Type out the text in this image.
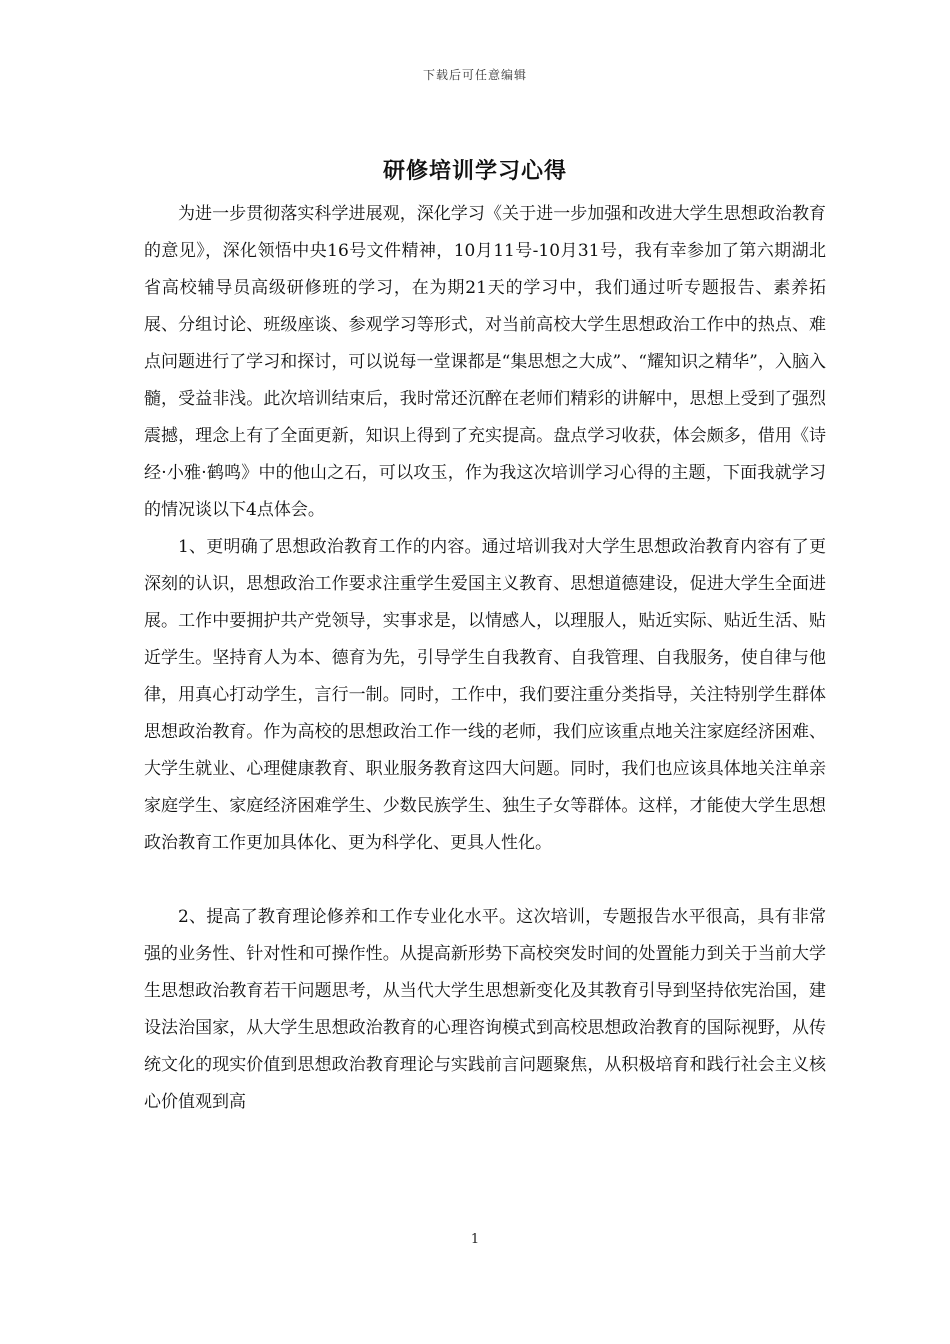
下载后可任意编辑
研修培训学习心得

为进一步贯彻落实科学进展观，深化学习《关于进一步加强和改进大学生思想政治教育的意见》，深化领悟中央16号文件精神，10月11号-10月31号，我有幸参加了第六期湖北省高校辅导员高级研修班的学习，在为期21天的学习中，我们通过听专题报告、素养拓展、分组讨论、班级座谈、参观学习等形式，对当前高校大学生思想政治工作中的热点、难点问题进行了学习和探讨，可以说每一堂课都是“集思想之大成”、“耀知识之精华”，入脑入髓，受益非浅。此次培训结束后，我时常还沉醉在老师们精彩的讲解中，思想上受到了强烈震撼，理念上有了全面更新，知识上得到了充实提高。盘点学习收获，体会颇多，借用《诗经·小雅·鹤鸣》中的他山之石，可以攻玉，作为我这次培训学习心得的主题，下面我就学习的情况谈以下4点体会。

1、更明确了思想政治教育工作的内容。通过培训我对大学生思想政治教育内容有了更深刻的认识，思想政治工作要求注重学生爱国主义教育、思想道德建设，促进大学生全面进展。工作中要拥护共产党领导，实事求是，以情感人，以理服人，贴近实际、贴近生活、贴近学生。坚持育人为本、德育为先，引导学生自我教育、自我管理、自我服务，使自律与他律，用真心打动学生，言行一制。同时，工作中，我们要注重分类指导，关注特别学生群体思想政治教育。作为高校的思想政治工作一线的老师，我们应该重点地关注家庭经济困难、大学生就业、心理健康教育、职业服务教育这四大问题。同时，我们也应该具体地关注单亲家庭学生、家庭经济困难学生、少数民族学生、独生子女等群体。这样，才能使大学生思想政治教育工作更加具体化、更为科学化、更具人性化。

2、提高了教育理论修养和工作专业化水平。这次培训，专题报告水平很高，具有非常强的业务性、针对性和可操作性。从提高新形势下高校突发时间的处置能力到关于当前大学生思想政治教育若干问题思考，从当代大学生思想新变化及其教育引导到坚持依宪治国，建设法治国家，从大学生思想政治教育的心理咨询模式到高校思想政治教育的国际视野，从传统文化的现实价值到思想政治教育理论与实践前言问题聚焦，从积极培育和践行社会主义核心价值观到高

1
